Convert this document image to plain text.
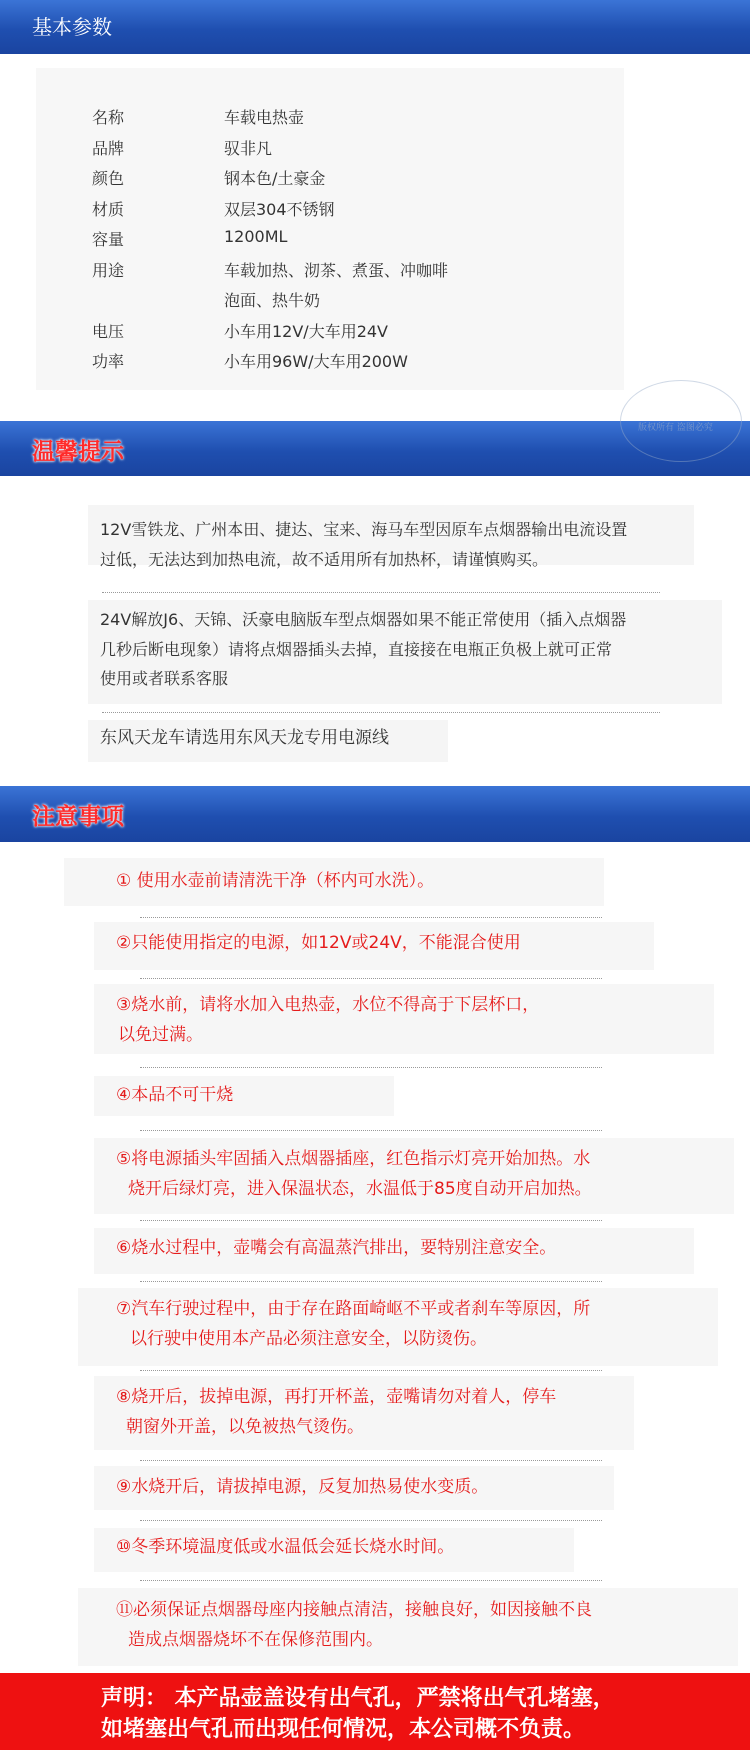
基本参数
名称	车载电热壶
品牌	驭非凡
颜色	钢本色/土豪金
材质	双层304不锈钢
容量	1200ML
用途	车载加热、沏茶、煮蛋、冲咖啡
泡面、热牛奶
电压	小车用12V/大车用24V
功率	小车用96W/大车用200W
温馨提示
版权所有 盗图必究
12V雪铁龙、广州本田、捷达、宝来、海马车型因原车点烟器输出电流设置
过低，无法达到加热电流，故不适用所有加热杯，请谨慎购买。
24V解放J6、天锦、沃豪电脑版车型点烟器如果不能正常使用（插入点烟器
几秒后断电现象）请将点烟器插头去掉，直接接在电瓶正负极上就可正常
使用或者联系客服
东风天龙车请选用东风天龙专用电源线
注意事项
① 使用水壶前请清洗干净（杯内可水洗）。
②只能使用指定的电源，如12V或24V，不能混合使用
③烧水前，请将水加入电热壶，水位不得高于下层杯口，
以免过满。
④本品不可干烧
⑤将电源插头牢固插入点烟器插座，红色指示灯亮开始加热。水
烧开后绿灯亮，进入保温状态，水温低于85度自动开启加热。
⑥烧水过程中，壶嘴会有高温蒸汽排出，要特别注意安全。
⑦汽车行驶过程中，由于存在路面崎岖不平或者刹车等原因，所
以行驶中使用本产品必须注意安全，以防烫伤。
⑧烧开后，拔掉电源，再打开杯盖，壶嘴请勿对着人，停车
朝窗外开盖，以免被热气烫伤。
⑨水烧开后，请拔掉电源，反复加热易使水变质。
⑩冬季环境温度低或水温低会延长烧水时间。
⑪必须保证点烟器母座内接触点清洁，接触良好，如因接触不良
造成点烟器烧坏不在保修范围内。
声明： 本产品壶盖设有出气孔，严禁将出气孔堵塞，
如堵塞出气孔而出现任何情况，本公司概不负责。
